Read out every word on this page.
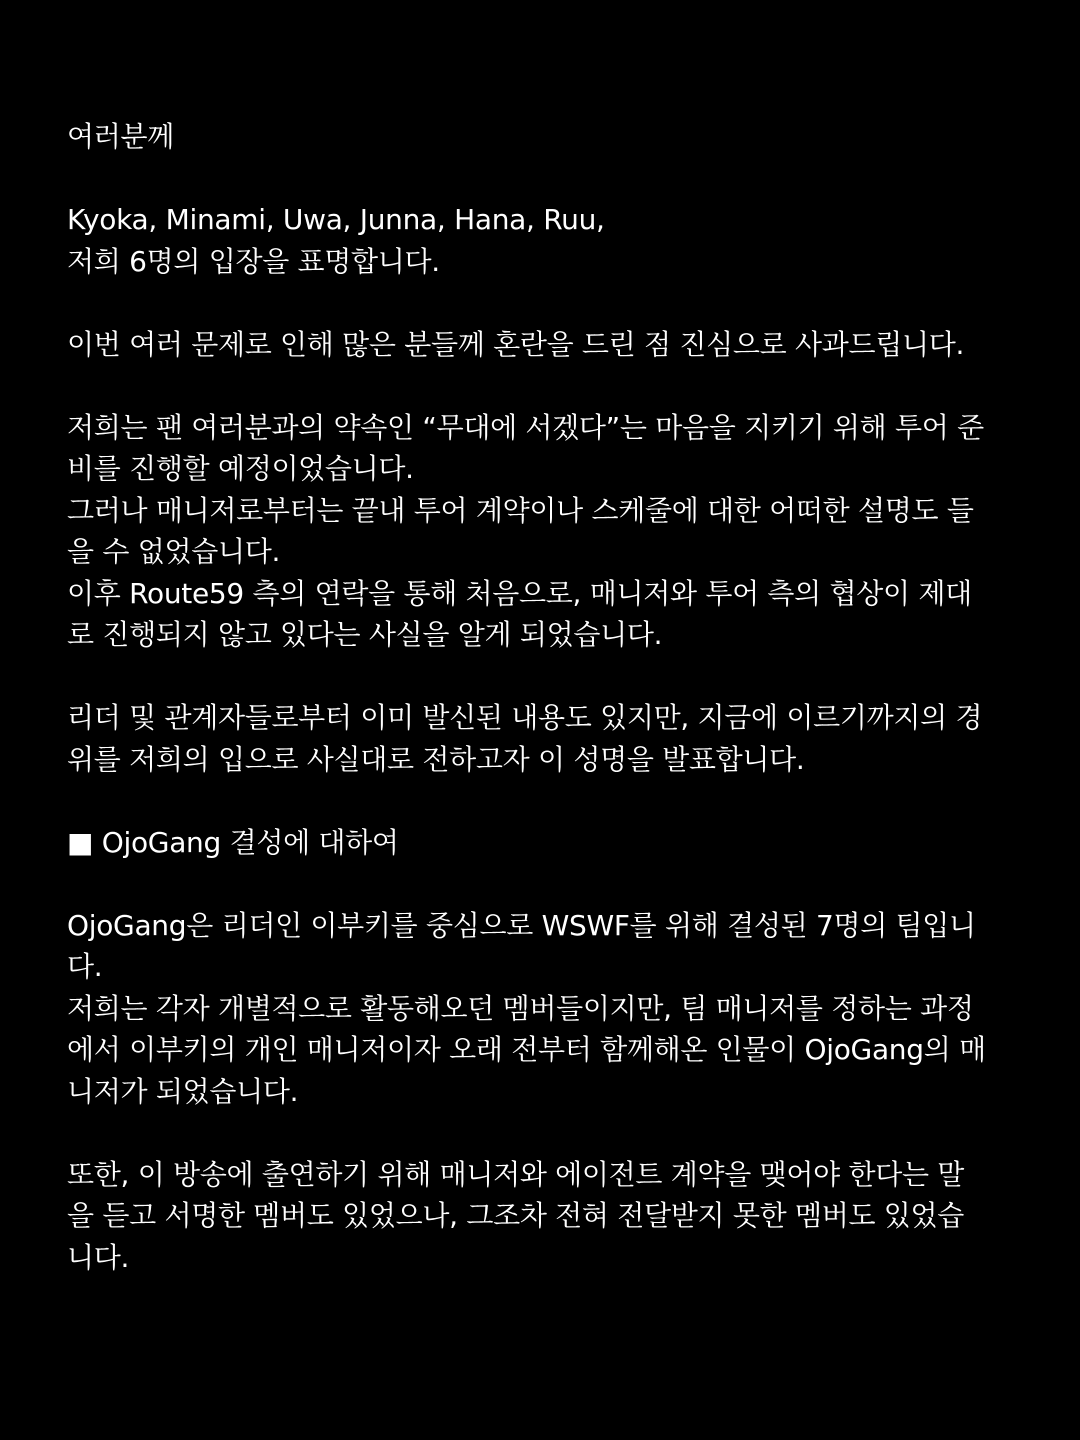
여러분께
Kyoka, Minami, Uwa, Junna, Hana, Ruu,
저희 6명의 입장을 표명합니다.
이번 여러 문제로 인해 많은 분들께 혼란을 드린 점 진심으로 사과드립니다.
저희는 팬 여러분과의 약속인 “무대에 서겠다”는 마음을 지키기 위해 투어 준
비를 진행할 예정이었습니다.
그러나 매니저로부터는 끝내 투어 계약이나 스케줄에 대한 어떠한 설명도 들
을 수 없었습니다.
이후 Route59 측의 연락을 통해 처음으로, 매니저와 투어 측의 협상이 제대
로 진행되지 않고 있다는 사실을 알게 되었습니다.
리더 및 관계자들로부터 이미 발신된 내용도 있지만, 지금에 이르기까지의 경
위를 저희의 입으로 사실대로 전하고자 이 성명을 발표합니다.
■ OjoGang 결성에 대하여
OjoGang은 리더인 이부키를 중심으로 WSWF를 위해 결성된 7명의 팀입니
다.
저희는 각자 개별적으로 활동해오던 멤버들이지만, 팀 매니저를 정하는 과정
에서 이부키의 개인 매니저이자 오래 전부터 함께해온 인물이 OjoGang의 매
니저가 되었습니다.
또한, 이 방송에 출연하기 위해 매니저와 에이전트 계약을 맺어야 한다는 말
을 듣고 서명한 멤버도 있었으나, 그조차 전혀 전달받지 못한 멤버도 있었습
니다.
